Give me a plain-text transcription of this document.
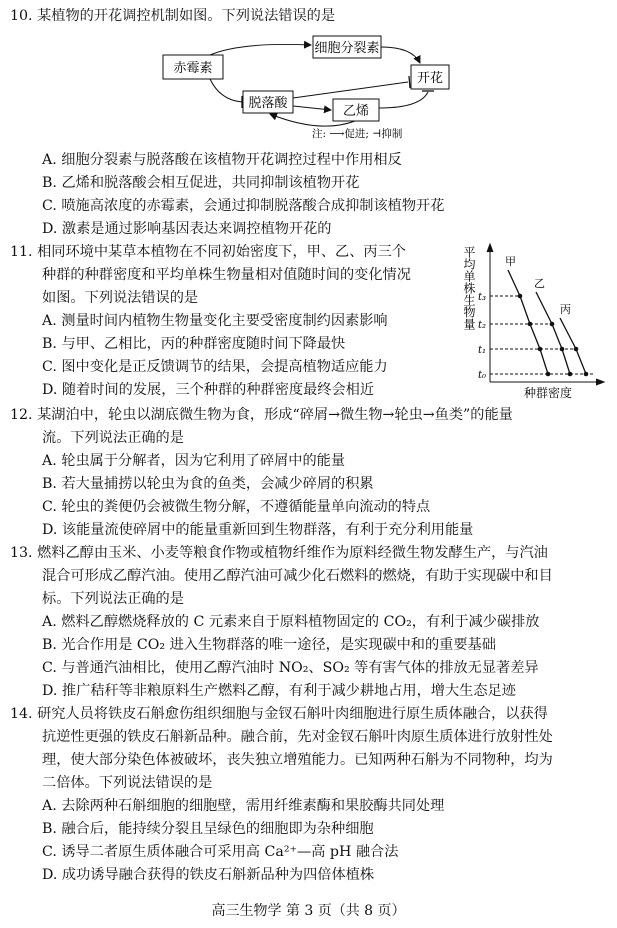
10. 某植物的开花调控机制如图。下列说法错误的是
赤霉素
细胞分裂素
脱落酸
乙烯
开花
注: ⟶促进; ⊣抑制
A. 细胞分裂素与脱落酸在该植物开花调控过程中作用相反
B. 乙烯和脱落酸会相互促进，共同抑制该植物开花
C. 喷施高浓度的赤霉素，会通过抑制脱落酸合成抑制该植物开花
D. 激素是通过影响基因表达来调控植物开花的
11. 相同环境中某草本植物在不同初始密度下，甲、乙、丙三个
种群的种群密度和平均单株生物量相对值随时间的变化情况
如图。下列说法错误的是
A. 测量时间内植物生物量变化主要受密度制约因素影响
B. 与甲、乙相比，丙的种群密度随时间下降最快
C. 图中变化是正反馈调节的结果，会提高植物适应能力
D. 随着时间的发展，三个种群的种群密度最终会相近
平均单株生物量
种群密度
t₃
t₂
t₁
t₀
甲
乙
丙
12. 某湖泊中，轮虫以湖底微生物为食，形成“碎屑→微生物→轮虫→鱼类”的能量
流。下列说法正确的是
A. 轮虫属于分解者，因为它利用了碎屑中的能量
B. 若大量捕捞以轮虫为食的鱼类，会减少碎屑的积累
C. 轮虫的粪便仍会被微生物分解，不遵循能量单向流动的特点
D. 该能量流使碎屑中的能量重新回到生物群落，有利于充分利用能量
13. 燃料乙醇由玉米、小麦等粮食作物或植物纤维作为原料经微生物发酵生产，与汽油
混合可形成乙醇汽油。使用乙醇汽油可减少化石燃料的燃烧，有助于实现碳中和目
标。下列说法正确的是
A. 燃料乙醇燃烧释放的 C 元素来自于原料植物固定的 CO₂，有利于减少碳排放
B. 光合作用是 CO₂ 进入生物群落的唯一途径，是实现碳中和的重要基础
C. 与普通汽油相比，使用乙醇汽油时 NO₂、SO₂ 等有害气体的排放无显著差异
D. 推广秸秆等非粮原料生产燃料乙醇，有利于减少耕地占用，增大生态足迹
14. 研究人员将铁皮石斛愈伤组织细胞与金钗石斛叶肉细胞进行原生质体融合，以获得
抗逆性更强的铁皮石斛新品种。融合前，先对金钗石斛叶肉原生质体进行放射性处
理，使大部分染色体被破坏，丧失独立增殖能力。已知两种石斛为不同物种，均为
二倍体。下列说法错误的是
A. 去除两种石斛细胞的细胞壁，需用纤维素酶和果胶酶共同处理
B. 融合后，能持续分裂且呈绿色的细胞即为杂种细胞
C. 诱导二者原生质体融合可采用高 Ca²⁺—高 pH 融合法
D. 成功诱导融合获得的铁皮石斛新品种为四倍体植株
高三生物学 第 3 页（共 8 页）
